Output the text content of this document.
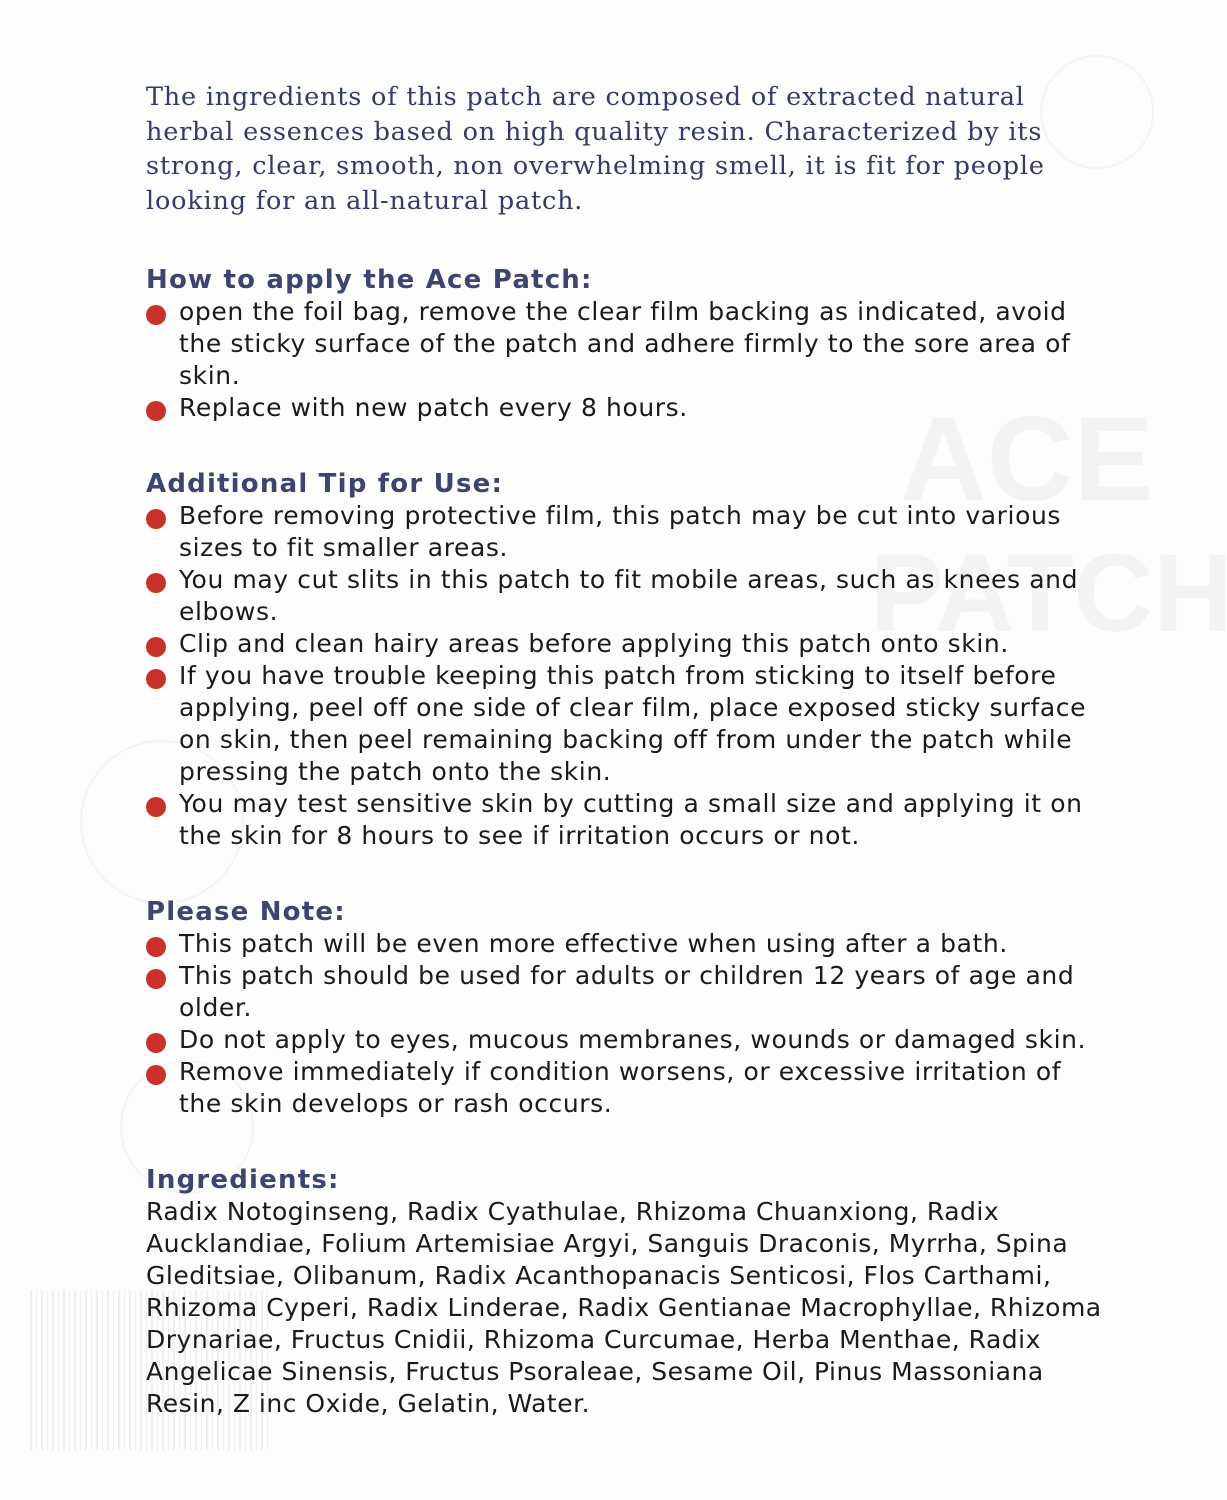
The ingredients of this patch are composed of extracted natural herbal essences based on high quality resin. Characterized by its strong, clear, smooth, non overwhelming smell, it is fit for people looking for an all-natural patch.

How to apply the Ace Patch:
open the foil bag, remove the clear film backing as indicated, avoid the sticky surface of the patch and adhere firmly to the sore area of skin.
Replace with new patch every 8 hours.
Additional Tip for Use:
Before removing protective film, this patch may be cut into various sizes to fit smaller areas.
You may cut slits in this patch to fit mobile areas, such as knees and elbows.
Clip and clean hairy areas before applying this patch onto skin.
If you have trouble keeping this patch from sticking to itself before applying, peel off one side of clear film, place exposed sticky surface on skin, then peel remaining backing off from under the patch while pressing the patch onto the skin.
You may test sensitive skin by cutting a small size and applying it on the skin for 8 hours to see if irritation occurs or not.
Please Note:
This patch will be even more effective when using after a bath.
This patch should be used for adults or children 12 years of age and older.
Do not apply to eyes, mucous membranes, wounds or damaged skin.
Remove immediately if condition worsens, or excessive irritation of the skin develops or rash occurs.
Ingredients:

Radix Notoginseng, Radix Cyathulae, Rhizoma Chuanxiong, Radix Aucklandiae, Folium Artemisiae Argyi, Sanguis Draconis, Myrrha, Spina Gleditsiae, Olibanum, Radix Acanthopanacis Senticosi, Flos Carthami, Rhizoma Cyperi, Radix Linderae, Radix Gentianae Macrophyllae, Rhizoma Drynariae, Fructus Cnidii, Rhizoma Curcumae, Herba Menthae, Radix Angelicae Sinensis, Fructus Psoraleae, Sesame Oil, Pinus Massoniana Resin, Z inc Oxide, Gelatin, Water.
